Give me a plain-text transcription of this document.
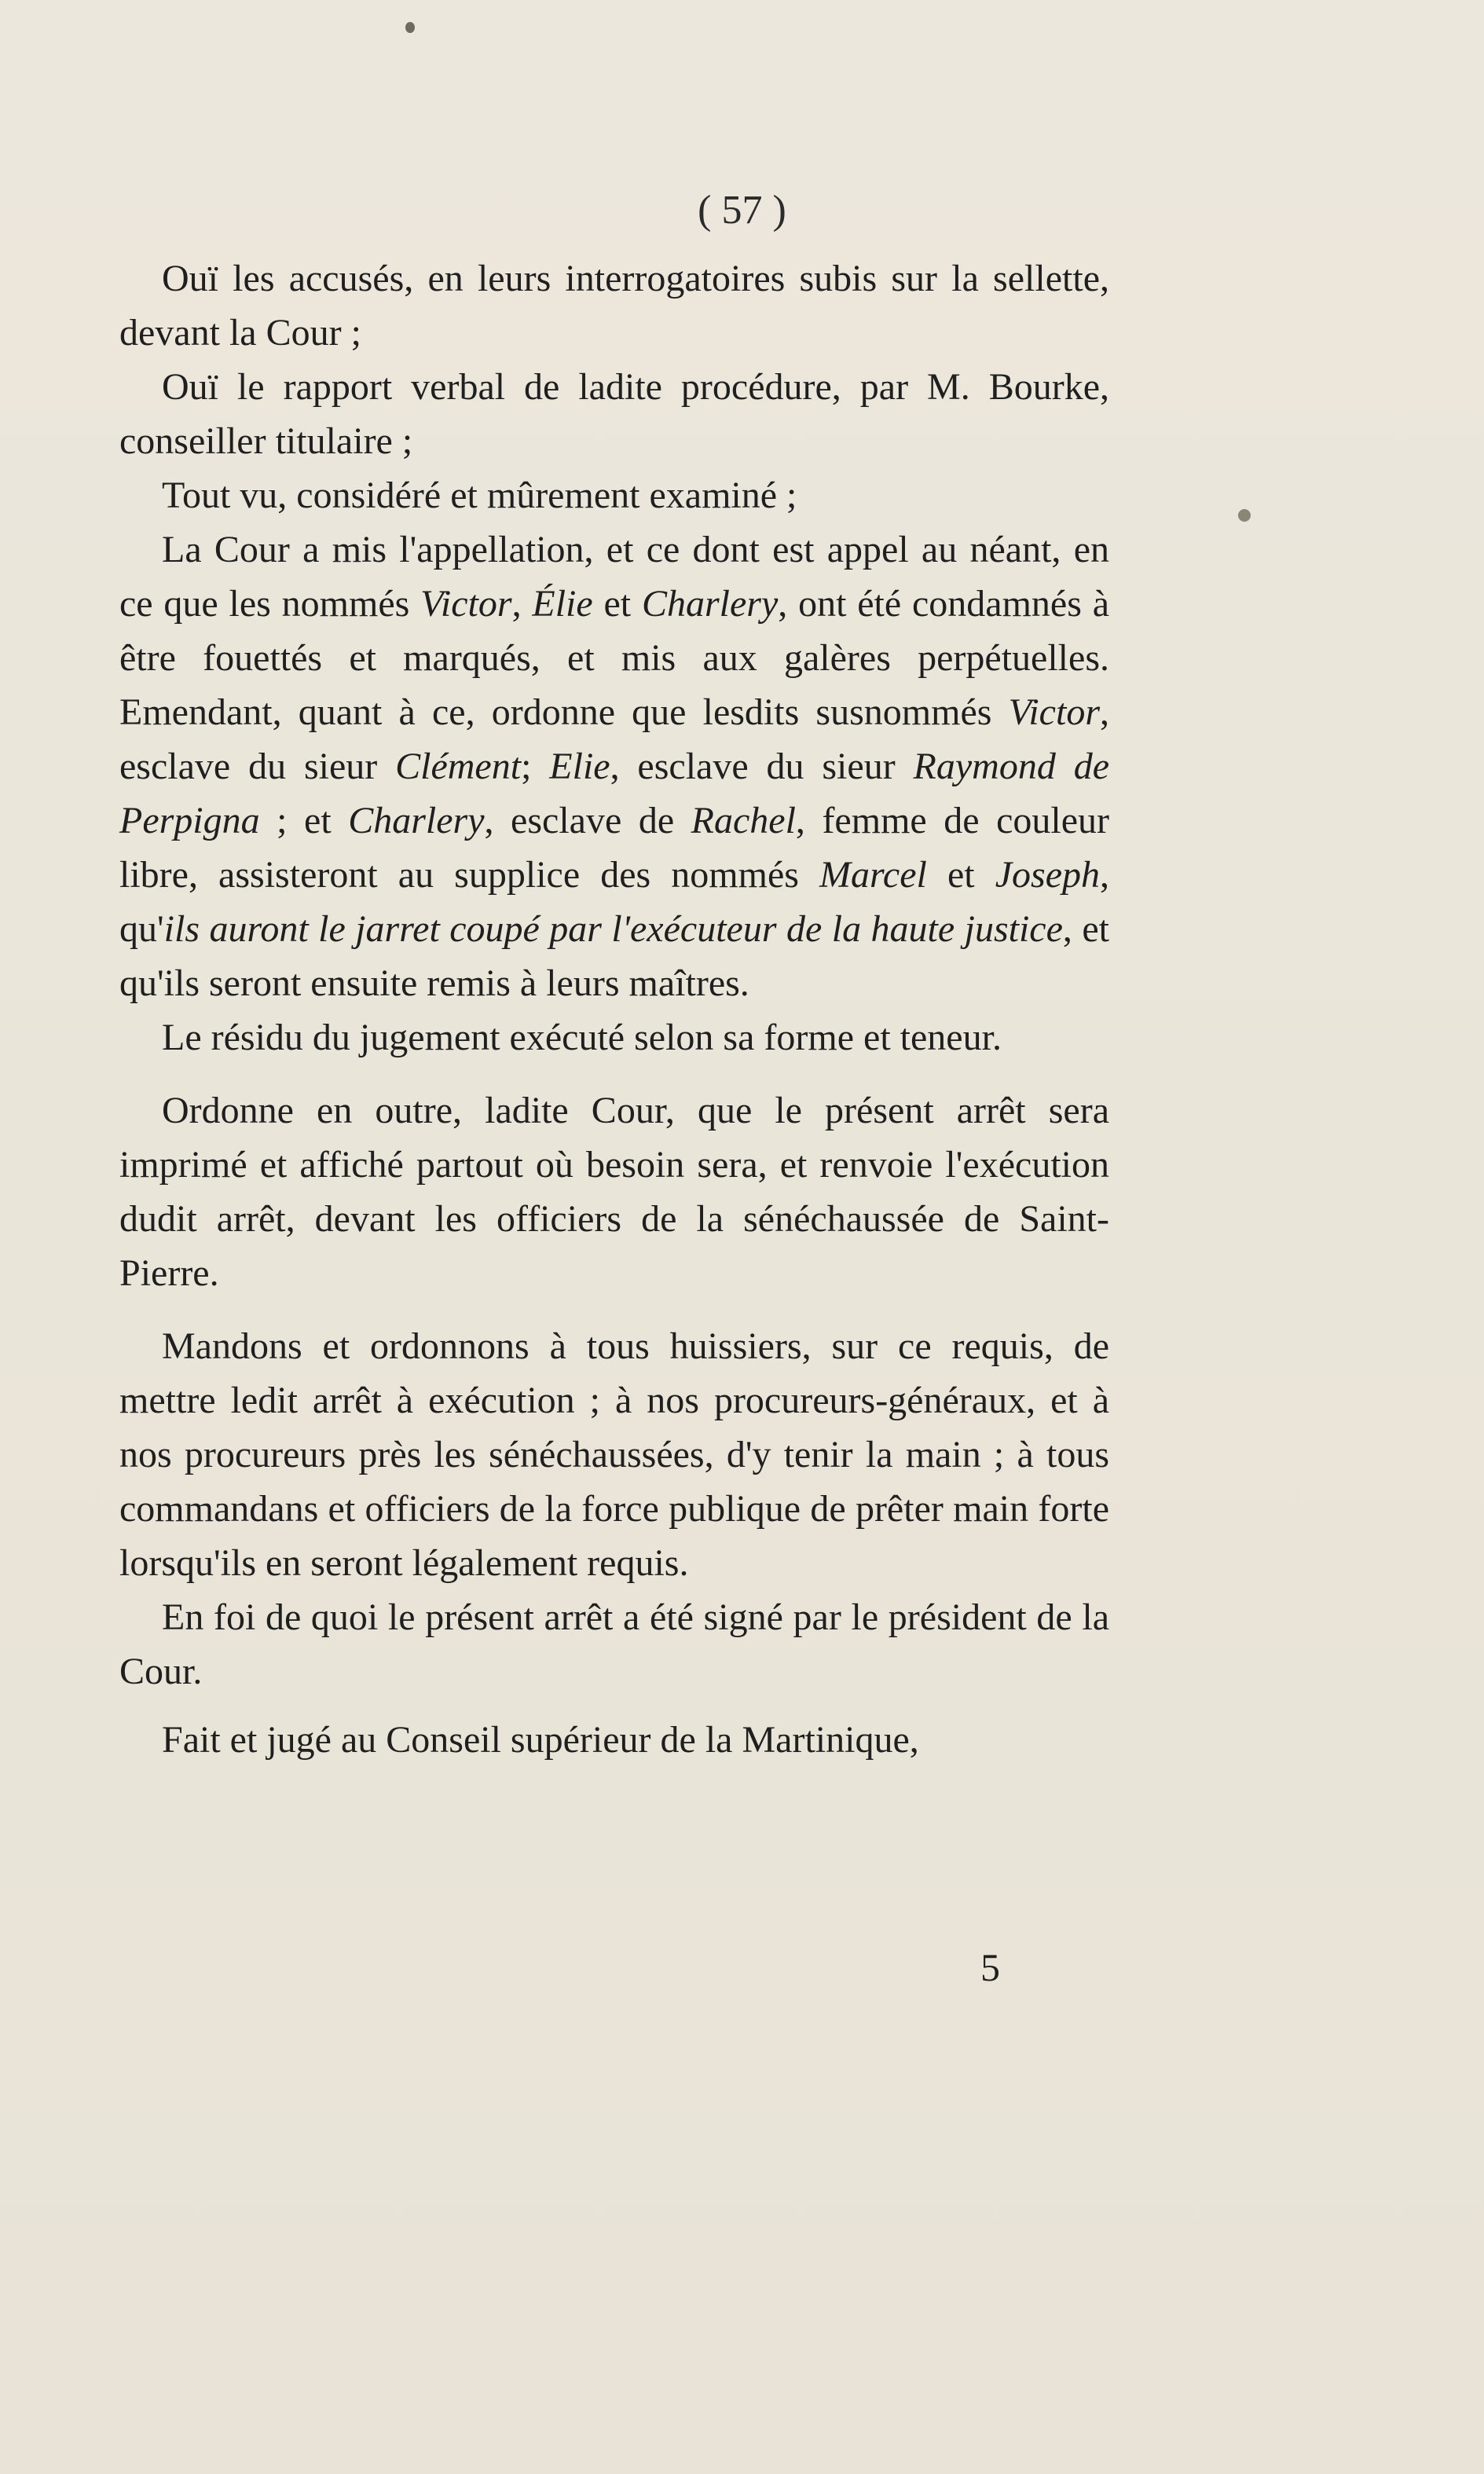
( 57 )

Ouï les accusés, en leurs interrogatoires subis sur la sellette, devant la Cour ;

Ouï le rapport verbal de ladite procédure, par M. Bourke, conseiller titulaire ;

Tout vu, considéré et mûrement examiné ;

La Cour a mis l'appellation, et ce dont est appel au néant, en ce que les nommés Victor, Élie et Charlery, ont été condamnés à être fouettés et marqués, et mis aux galères perpétuelles. Emendant, quant à ce, ordonne que lesdits susnommés Victor, esclave du sieur Clément; Elie, esclave du sieur Raymond de Perpigna ; et Charlery, esclave de Rachel, femme de couleur libre, assisteront au supplice des nommés Marcel et Joseph, qu'ils auront le jarret coupé par l'exécuteur de la haute justice, et qu'ils seront ensuite remis à leurs maîtres.

Le résidu du jugement exécuté selon sa forme et teneur.

Ordonne en outre, ladite Cour, que le présent arrêt sera imprimé et affiché partout où besoin sera, et renvoie l'exécution dudit arrêt, devant les officiers de la sénéchaussée de Saint-Pierre.

Mandons et ordonnons à tous huissiers, sur ce requis, de mettre ledit arrêt à exécution ; à nos procureurs-généraux, et à nos procureurs près les sénéchaussées, d'y tenir la main ; à tous commandans et officiers de la force publique de prêter main forte lorsqu'ils en seront légalement requis.

En foi de quoi le présent arrêt a été signé par le président de la Cour.

Fait et jugé au Conseil supérieur de la Martinique,

5
